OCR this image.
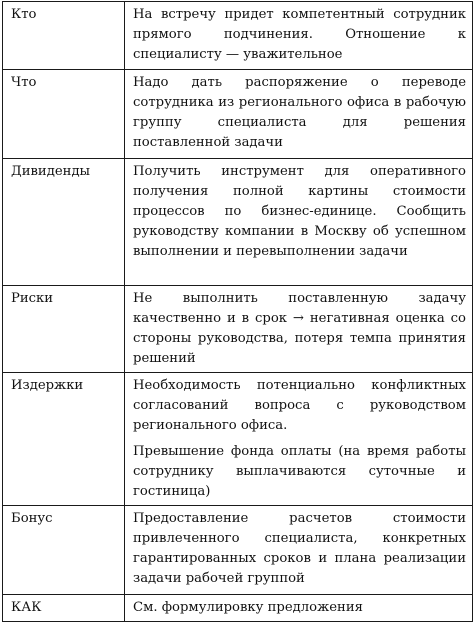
Кто	На встречу придет компетентный сотрудник прямого подчинения. Отношение к специалисту — уважительное

Что	Надо дать распоряжение о переводе сотрудника из регионального офиса в рабочую группу специалиста для решения поставленной задачи

Дивиденды	Получить инструмент для оперативного получения полной картины стоимости процессов по бизнес-единице. Сообщить руководству компании в Москву об успешном выполнении и перевыполнении задачи

Риски	Не выполнить поставленную задачу качественно и в срок → негативная оценка со стороны руководства, потеря темпа принятия решений

Издержки	Необходимость потенциально конфликтных согласований вопроса с руководством регионального офиса.

Превышение фонда оплаты (на время работы сотруднику выплачиваются суточные и гостиница)

Бонус	Предоставление расчетов стоимости привлеченного специалиста, конкретных гарантированных сроков и плана реализации задачи рабочей группой

КАК	См. формулировку предложения
